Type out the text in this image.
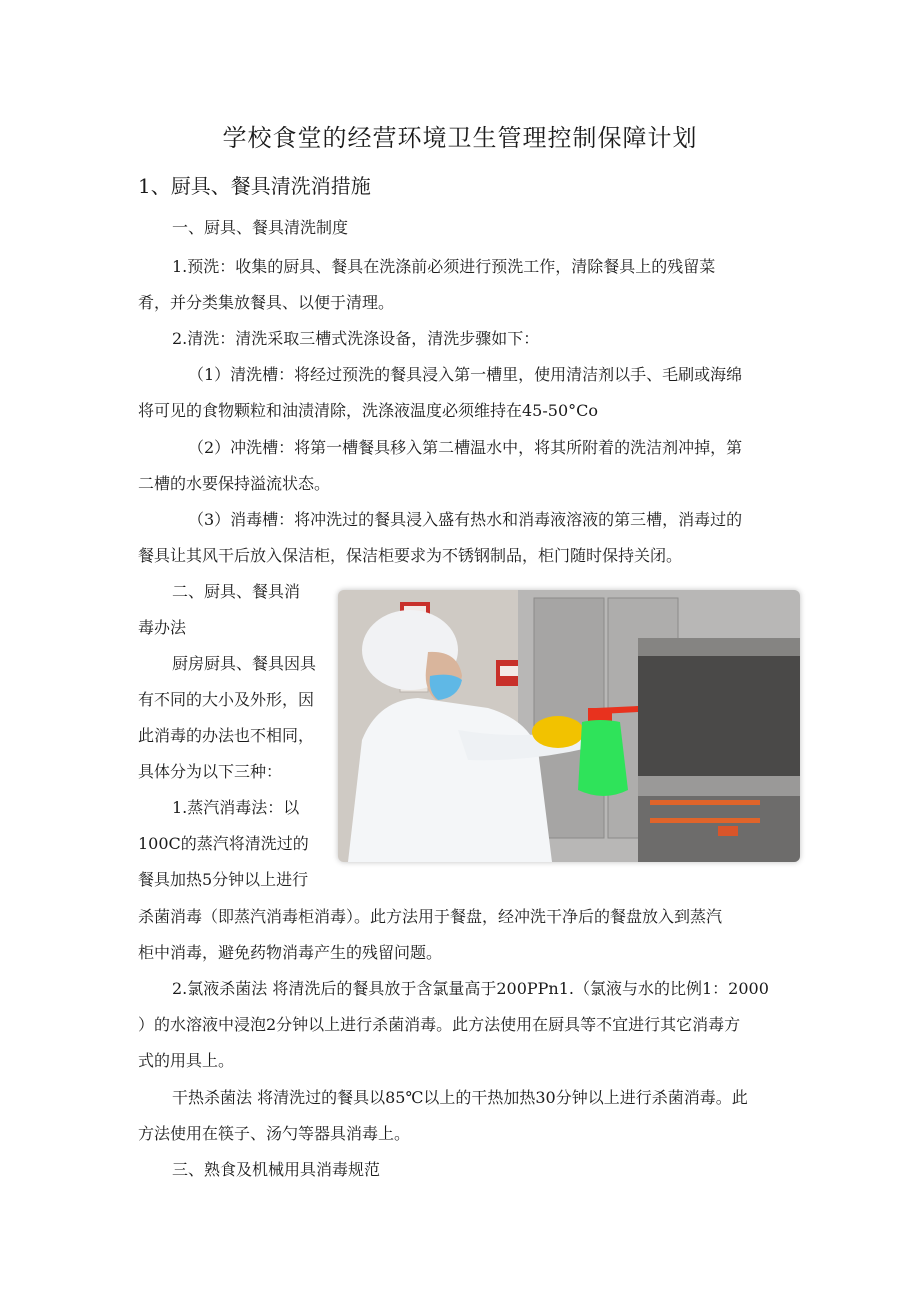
学校食堂的经营环境卫生管理控制保障计划
1、厨具、餐具清洗消措施
一、厨具、餐具清洗制度
1.预洗：收集的厨具、餐具在洗涤前必须进行预洗工作，清除餐具上的残留菜
肴，并分类集放餐具、以便于清理。
2.清洗：清洗采取三槽式洗涤设备，清洗步骤如下：
（1）清洗槽：将经过预洗的餐具浸入第一槽里，使用清洁剂以手、毛刷或海绵
将可见的食物颗粒和油渍清除，洗涤液温度必须维持在45-50°Co
（2）冲洗槽：将第一槽餐具移入第二槽温水中，将其所附着的洗洁剂冲掉，第
二槽的水要保持溢流状态。
（3）消毒槽：将冲洗过的餐具浸入盛有热水和消毒液溶液的第三槽，消毒过的
餐具让其风干后放入保洁柜，保洁柜要求为不锈钢制品，柜门随时保持关闭。
二、厨具、餐具消
毒办法
厨房厨具、餐具因具
有不同的大小及外形，因
此消毒的办法也不相同，
具体分为以下三种：
1.蒸汽消毒法：以
100C的蒸汽将清洗过的
餐具加热5分钟以上进行
杀菌消毒（即蒸汽消毒柜消毒）。此方法用于餐盘，经冲洗干净后的餐盘放入到蒸汽
柜中消毒，避免药物消毒产生的残留问题。
2.氯液杀菌法 将清洗后的餐具放于含氯量高于200PPn1.（氯液与水的比例1：2000
）的水溶液中浸泡2分钟以上进行杀菌消毒。此方法使用在厨具等不宜进行其它消毒方
式的用具上。
干热杀菌法 将清洗过的餐具以85℃以上的干热加热30分钟以上进行杀菌消毒。此
方法使用在筷子、汤勺等器具消毒上。
三、熟食及机械用具消毒规范
